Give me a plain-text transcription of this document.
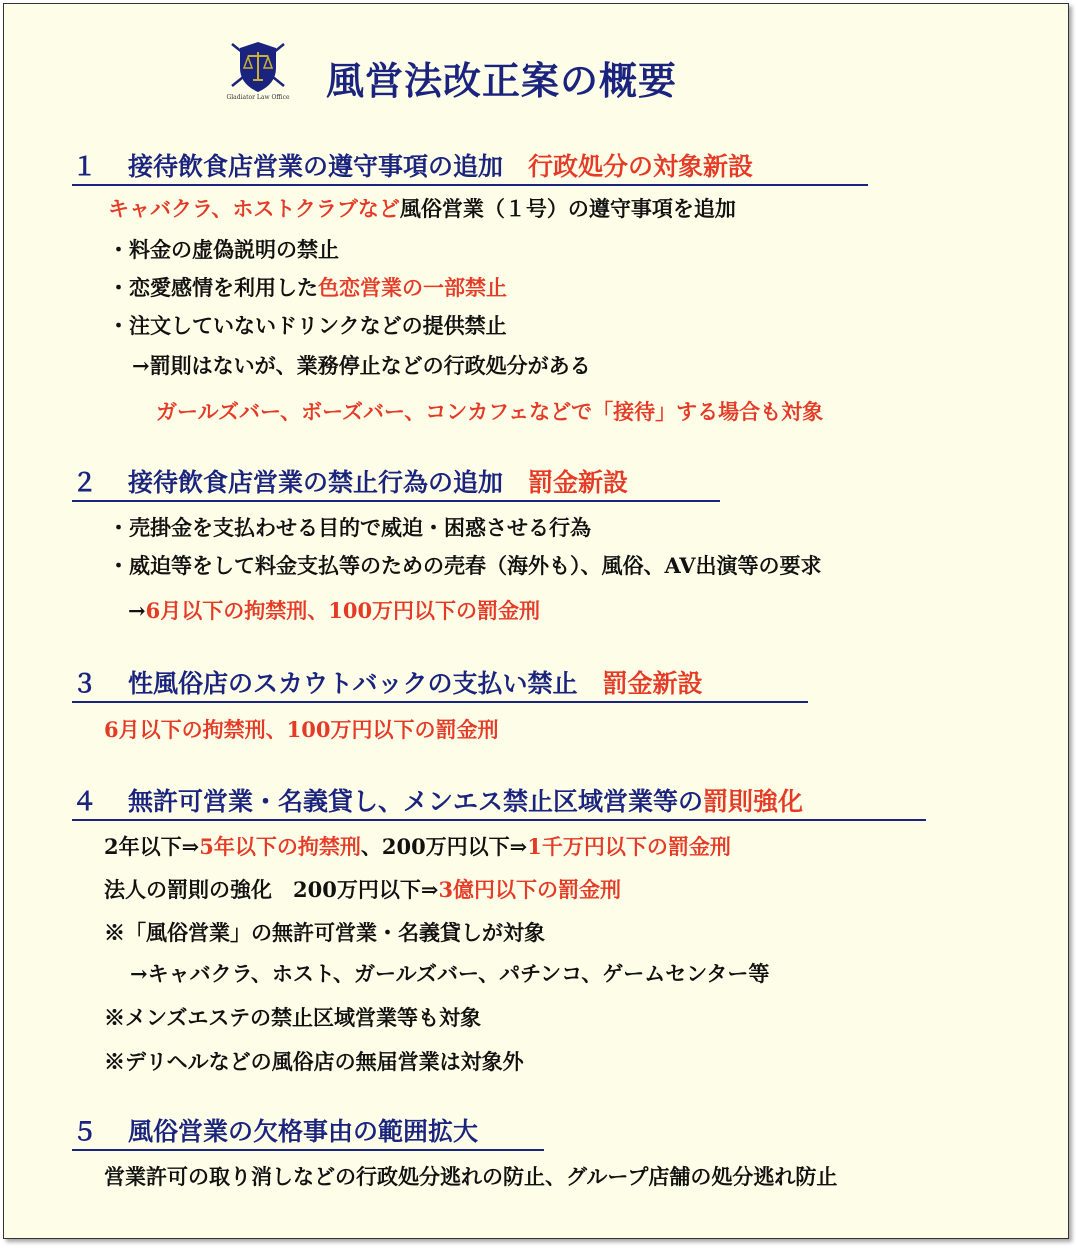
Gladiator Law Office 風営法改正案の概要
１ 接待飲食店営業の遵守事項の追加　 行政処分の対象新設
キャバクラ、ホストクラブなど風俗営業（１号）の遵守事項を追加
・料金の虚偽説明の禁止
・恋愛感情を利用した色恋営業の一部禁止
・注文していないドリンクなどの提供禁止
→罰則はないが、業務停止などの行政処分がある
ガールズバー、ボーズバー、コンカフェなどで「接待」する場合も対象
２ 接待飲食店営業の禁止行為の追加　 罰金新設
・売掛金を支払わせる目的で威迫・困惑させる行為
・威迫等をして料金支払等のための売春（海外も）、風俗、AV出演等の要求
→6月以下の拘禁刑、100万円以下の罰金刑
３ 性風俗店のスカウトバックの支払い禁止　 罰金新設
6月以下の拘禁刑、100万円以下の罰金刑
４ 無許可営業・名義貸し、メンエス禁止区域営業等の罰則強化
2年以下⇒5年以下の拘禁刑、200万円以下⇒1千万円以下の罰金刑
法人の罰則の強化　200万円以下⇒3億円以下の罰金刑
※「風俗営業」の無許可営業・名義貸しが対象
→キャバクラ、ホスト、ガールズバー、パチンコ、ゲームセンター等
※メンズエステの禁止区域営業等も対象
※デリヘルなどの風俗店の無届営業は対象外
５ 風俗営業の欠格事由の範囲拡大
営業許可の取り消しなどの行政処分逃れの防止、グループ店舗の処分逃れ防止
